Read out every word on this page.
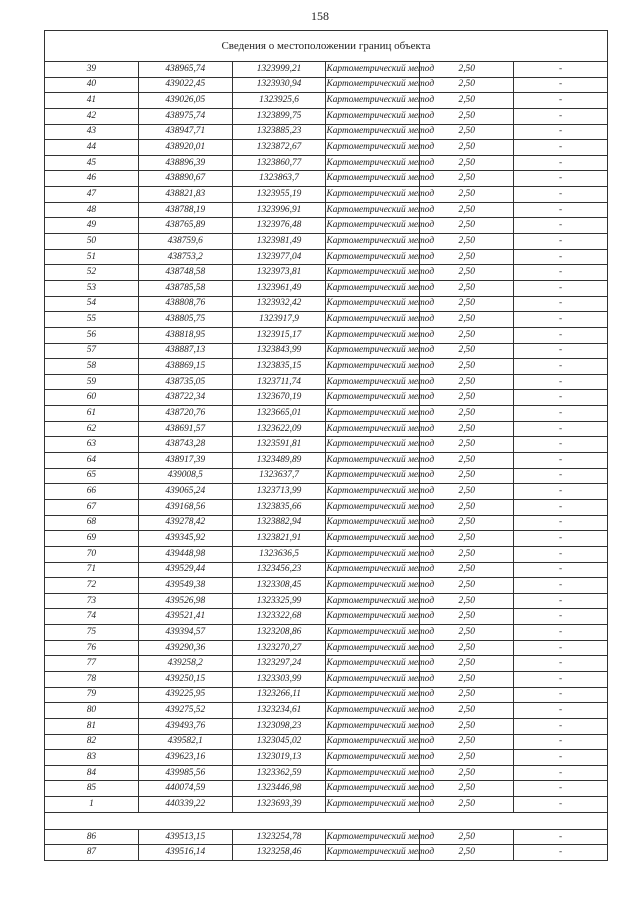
158
Сведения о местоположении границ объекта					
39	438965,74	1323999,21	Картометрический метод	2,50	-
40	439022,45	1323930,94	Картометрический метод	2,50	-
41	439026,05	1323925,6	Картометрический метод	2,50	-
42	438975,74	1323899,75	Картометрический метод	2,50	-
43	438947,71	1323885,23	Картометрический метод	2,50	-
44	438920,01	1323872,67	Картометрический метод	2,50	-
45	438896,39	1323860,77	Картометрический метод	2,50	-
46	438890,67	1323863,7	Картометрический метод	2,50	-
47	438821,83	1323955,19	Картометрический метод	2,50	-
48	438788,19	1323996,91	Картометрический метод	2,50	-
49	438765,89	1323976,48	Картометрический метод	2,50	-
50	438759,6	1323981,49	Картометрический метод	2,50	-
51	438753,2	1323977,04	Картометрический метод	2,50	-
52	438748,58	1323973,81	Картометрический метод	2,50	-
53	438785,58	1323961,49	Картометрический метод	2,50	-
54	438808,76	1323932,42	Картометрический метод	2,50	-
55	438805,75	1323917,9	Картометрический метод	2,50	-
56	438818,95	1323915,17	Картометрический метод	2,50	-
57	438887,13	1323843,99	Картометрический метод	2,50	-
58	438869,15	1323835,15	Картометрический метод	2,50	-
59	438735,05	1323711,74	Картометрический метод	2,50	-
60	438722,34	1323670,19	Картометрический метод	2,50	-
61	438720,76	1323665,01	Картометрический метод	2,50	-
62	438691,57	1323622,09	Картометрический метод	2,50	-
63	438743,28	1323591,81	Картометрический метод	2,50	-
64	438917,39	1323489,89	Картометрический метод	2,50	-
65	439008,5	1323637,7	Картометрический метод	2,50	-
66	439065,24	1323713,99	Картометрический метод	2,50	-
67	439168,56	1323835,66	Картометрический метод	2,50	-
68	439278,42	1323882,94	Картометрический метод	2,50	-
69	439345,92	1323821,91	Картометрический метод	2,50	-
70	439448,98	1323636,5	Картометрический метод	2,50	-
71	439529,44	1323456,23	Картометрический метод	2,50	-
72	439549,38	1323308,45	Картометрический метод	2,50	-
73	439526,98	1323325,99	Картометрический метод	2,50	-
74	439521,41	1323322,68	Картометрический метод	2,50	-
75	439394,57	1323208,86	Картометрический метод	2,50	-
76	439290,36	1323270,27	Картометрический метод	2,50	-
77	439258,2	1323297,24	Картометрический метод	2,50	-
78	439250,15	1323303,99	Картометрический метод	2,50	-
79	439225,95	1323266,11	Картометрический метод	2,50	-
80	439275,52	1323234,61	Картометрический метод	2,50	-
81	439493,76	1323098,23	Картометрический метод	2,50	-
82	439582,1	1323045,02	Картометрический метод	2,50	-
83	439623,16	1323019,13	Картометрический метод	2,50	-
84	439985,56	1323362,59	Картометрический метод	2,50	-
85	440074,59	1323446,98	Картометрический метод	2,50	-
1	440339,22	1323693,39	Картометрический метод	2,50	-

86	439513,15	1323254,78	Картометрический метод	2,50	-
87	439516,14	1323258,46	Картометрический метод	2,50	-
